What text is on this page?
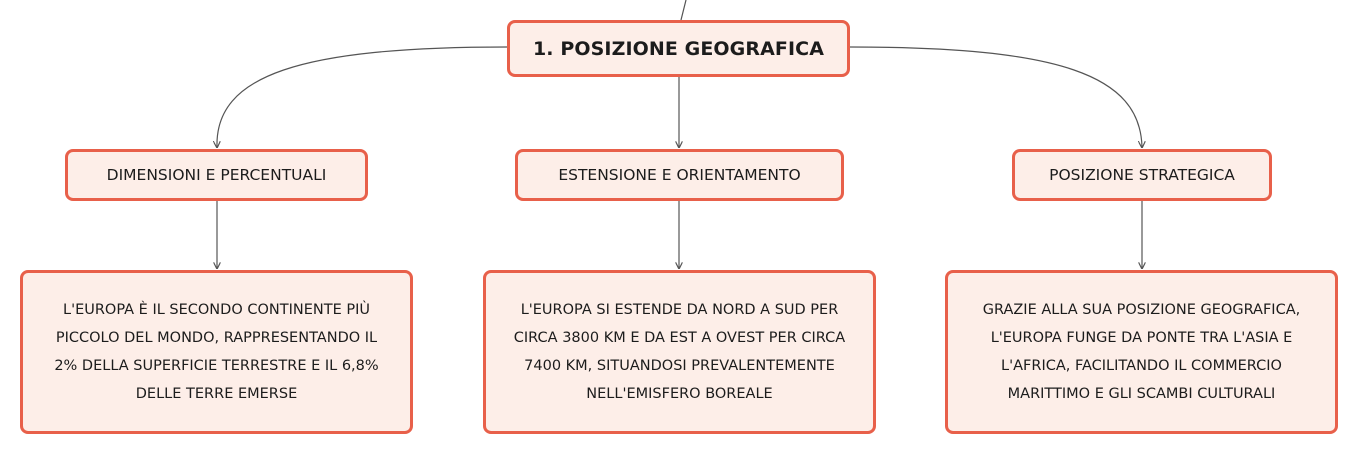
1. POSIZIONE GEOGRAFICA
DIMENSIONI E PERCENTUALI	ESTENSIONE E ORIENTAMENTO	POSIZIONE STRATEGICA
L'EUROPA È IL SECONDO CONTINENTE PIÙ PICCOLO DEL MONDO, RAPPRESENTANDO IL 2% DELLA SUPERFICIE TERRESTRE E IL 6,8% DELLE TERRE EMERSE
L'EUROPA SI ESTENDE DA NORD A SUD PER CIRCA 3800 KM E DA EST A OVEST PER CIRCA 7400 KM, SITUANDOSI PREVALENTEMENTE NELL'EMISFERO BOREALE
GRAZIE ALLA SUA POSIZIONE GEOGRAFICA, L'EUROPA FUNGE DA PONTE TRA L'ASIA E L'AFRICA, FACILITANDO IL COMMERCIO MARITTIMO E GLI SCAMBI CULTURALI
